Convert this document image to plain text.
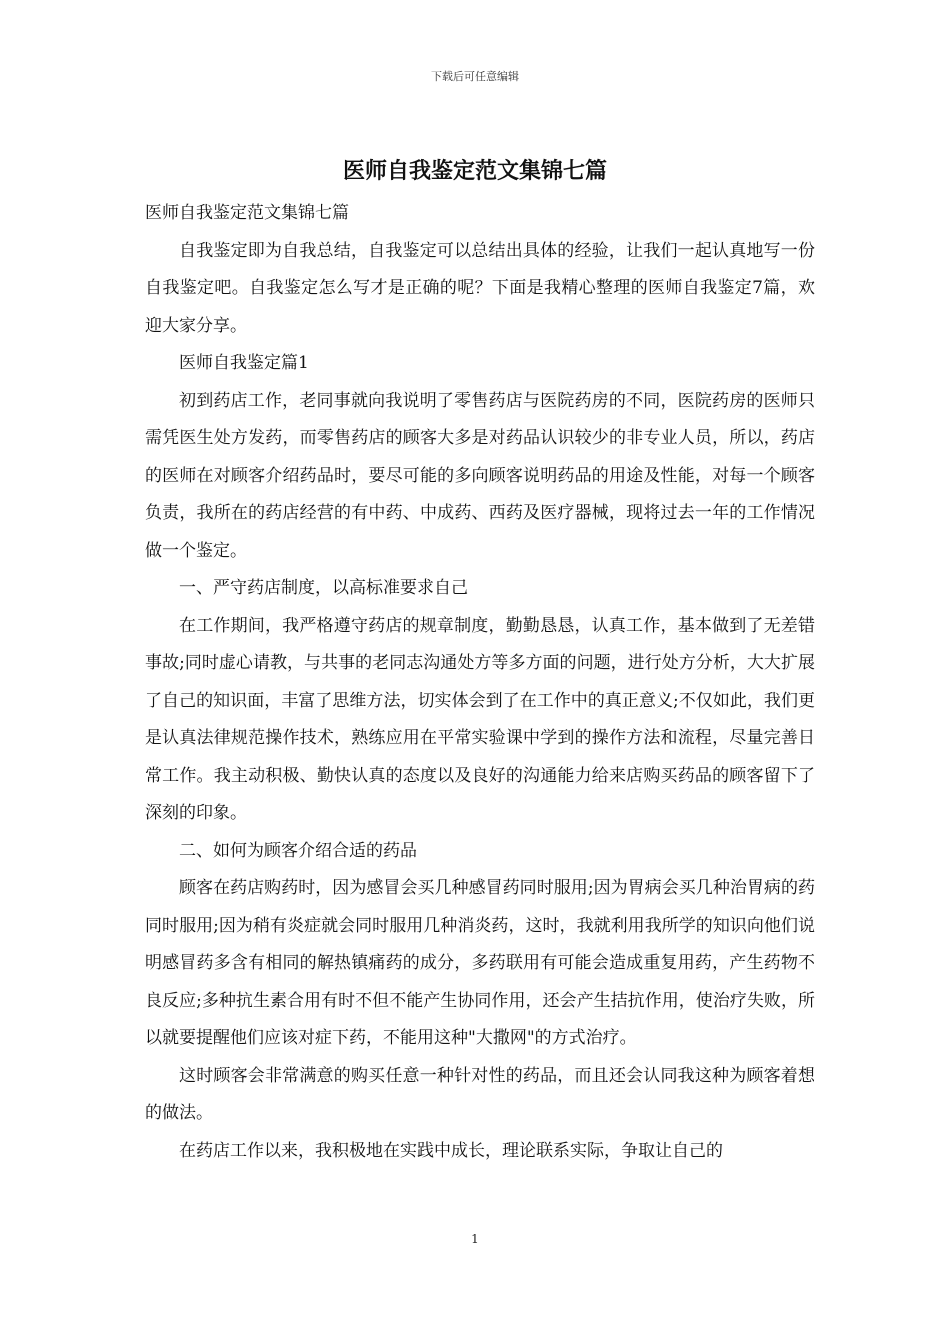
下载后可任意编辑
医师自我鉴定范文集锦七篇

医师自我鉴定范文集锦七篇

自我鉴定即为自我总结，自我鉴定可以总结出具体的经验，让我们一起认真地写一份自我鉴定吧。自我鉴定怎么写才是正确的呢？下面是我精心整理的医师自我鉴定7篇，欢迎大家分享。

医师自我鉴定篇1

初到药店工作，老同事就向我说明了零售药店与医院药房的不同，医院药房的医师只需凭医生处方发药，而零售药店的顾客大多是对药品认识较少的非专业人员，所以，药店的医师在对顾客介绍药品时，要尽可能的多向顾客说明药品的用途及性能，对每一个顾客负责，我所在的药店经营的有中药、中成药、西药及医疗器械，现将过去一年的工作情况做一个鉴定。

一、严守药店制度，以高标准要求自己

在工作期间，我严格遵守药店的规章制度，勤勤恳恳，认真工作，基本做到了无差错事故;同时虚心请教，与共事的老同志沟通处方等多方面的问题，进行处方分析，大大扩展了自己的知识面，丰富了思维方法，切实体会到了在工作中的真正意义;不仅如此，我们更是认真法律规范操作技术，熟练应用在平常实验课中学到的操作方法和流程，尽量完善日常工作。我主动积极、勤快认真的态度以及良好的沟通能力给来店购买药品的顾客留下了深刻的印象。

二、如何为顾客介绍合适的药品

顾客在药店购药时，因为感冒会买几种感冒药同时服用;因为胃病会买几种治胃病的药同时服用;因为稍有炎症就会同时服用几种消炎药，这时，我就利用我所学的知识向他们说明感冒药多含有相同的解热镇痛药的成分，多药联用有可能会造成重复用药，产生药物不良反应;多种抗生素合用有时不但不能产生协同作用，还会产生拮抗作用，使治疗失败，所以就要提醒他们应该对症下药，不能用这种"大撒网"的方式治疗。

这时顾客会非常满意的购买任意一种针对性的药品，而且还会认同我这种为顾客着想的做法。

在药店工作以来，我积极地在实践中成长，理论联系实际，争取让自己的

1
